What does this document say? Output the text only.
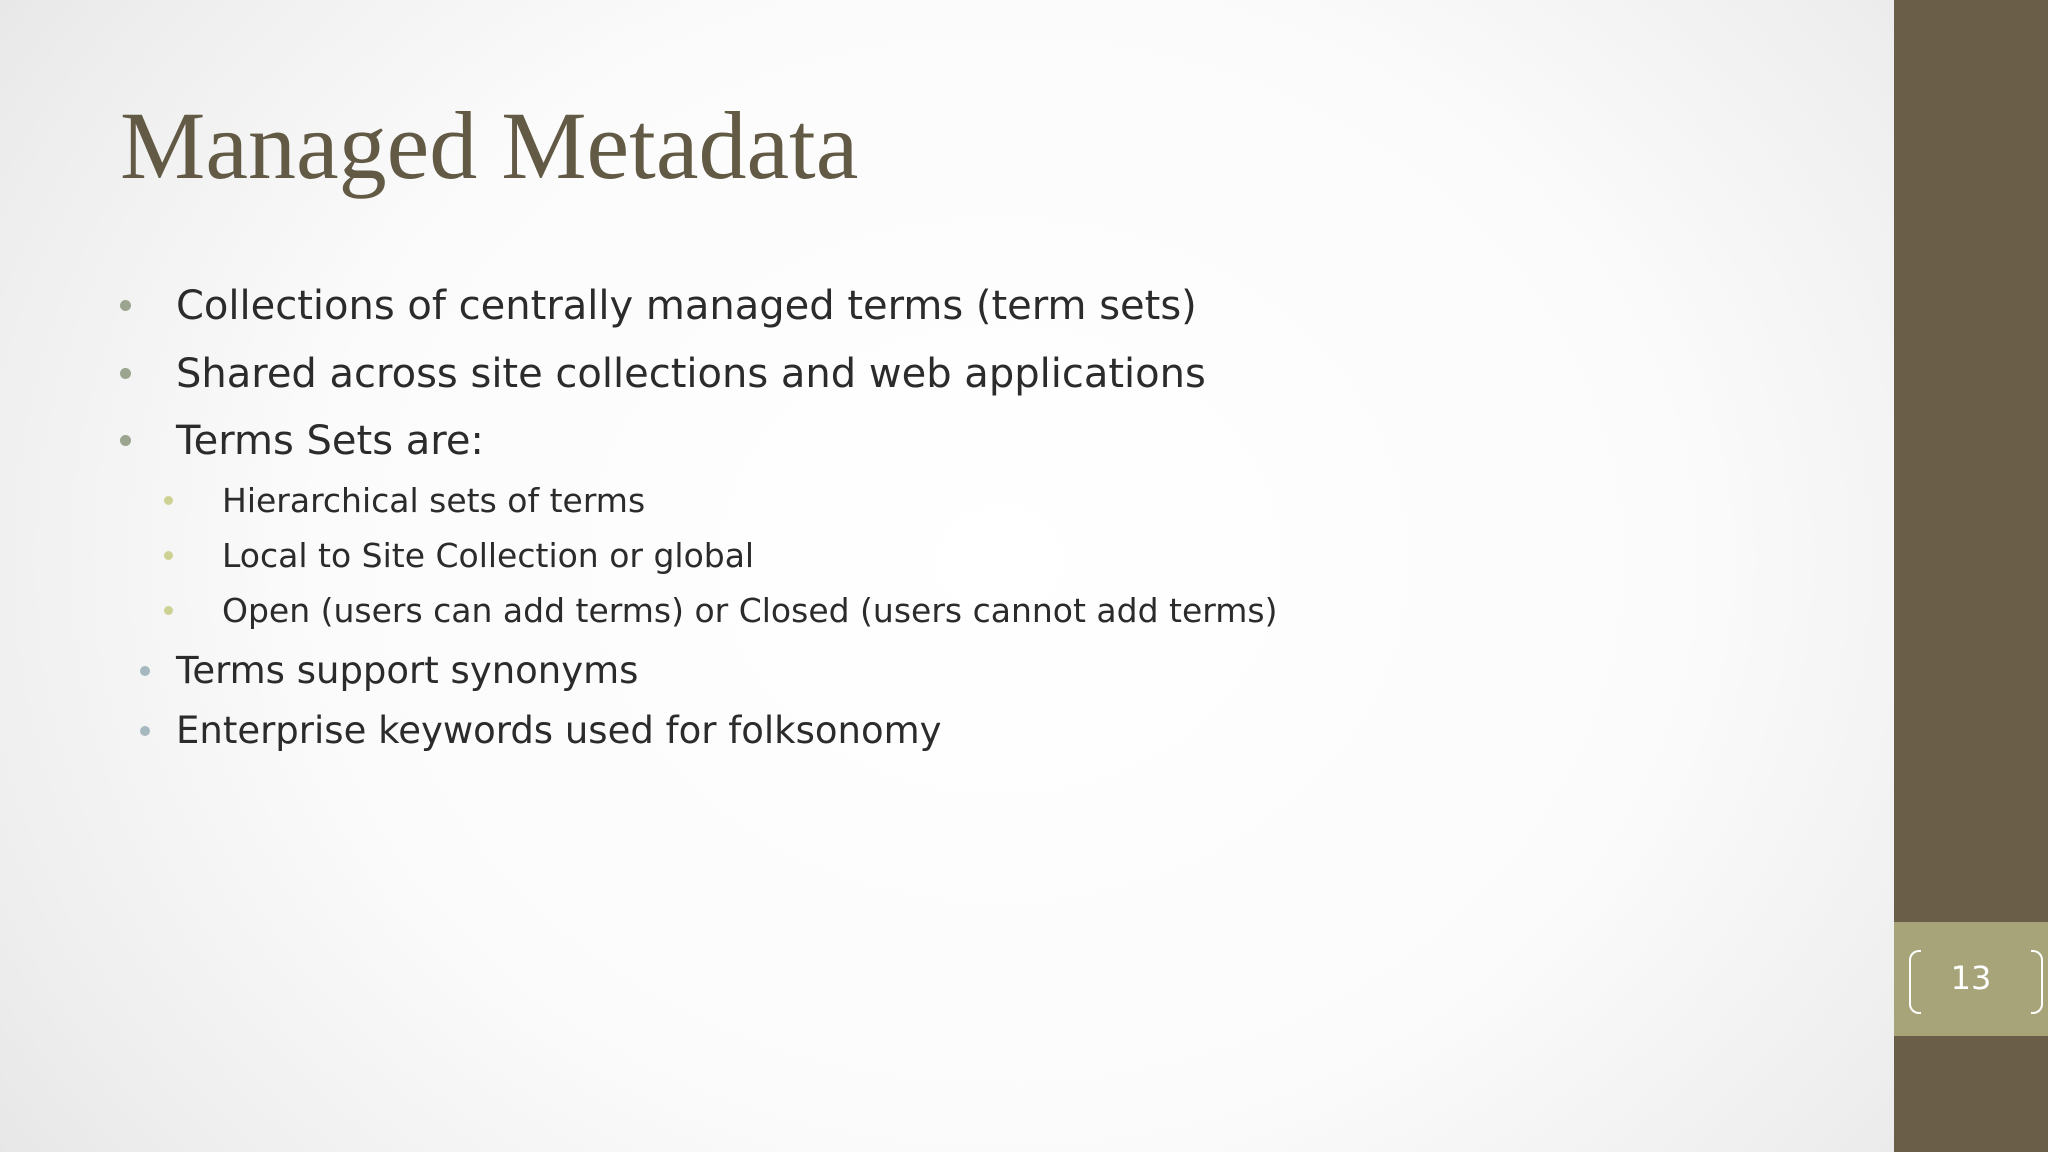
Managed Metadata
Collections of centrally managed terms (term sets)
Shared across site collections and web applications
Terms Sets are:
Hierarchical sets of terms
Local to Site Collection or global
Open (users can add terms) or Closed (users cannot add terms)
Terms support synonyms
Enterprise keywords used for folksonomy
13
